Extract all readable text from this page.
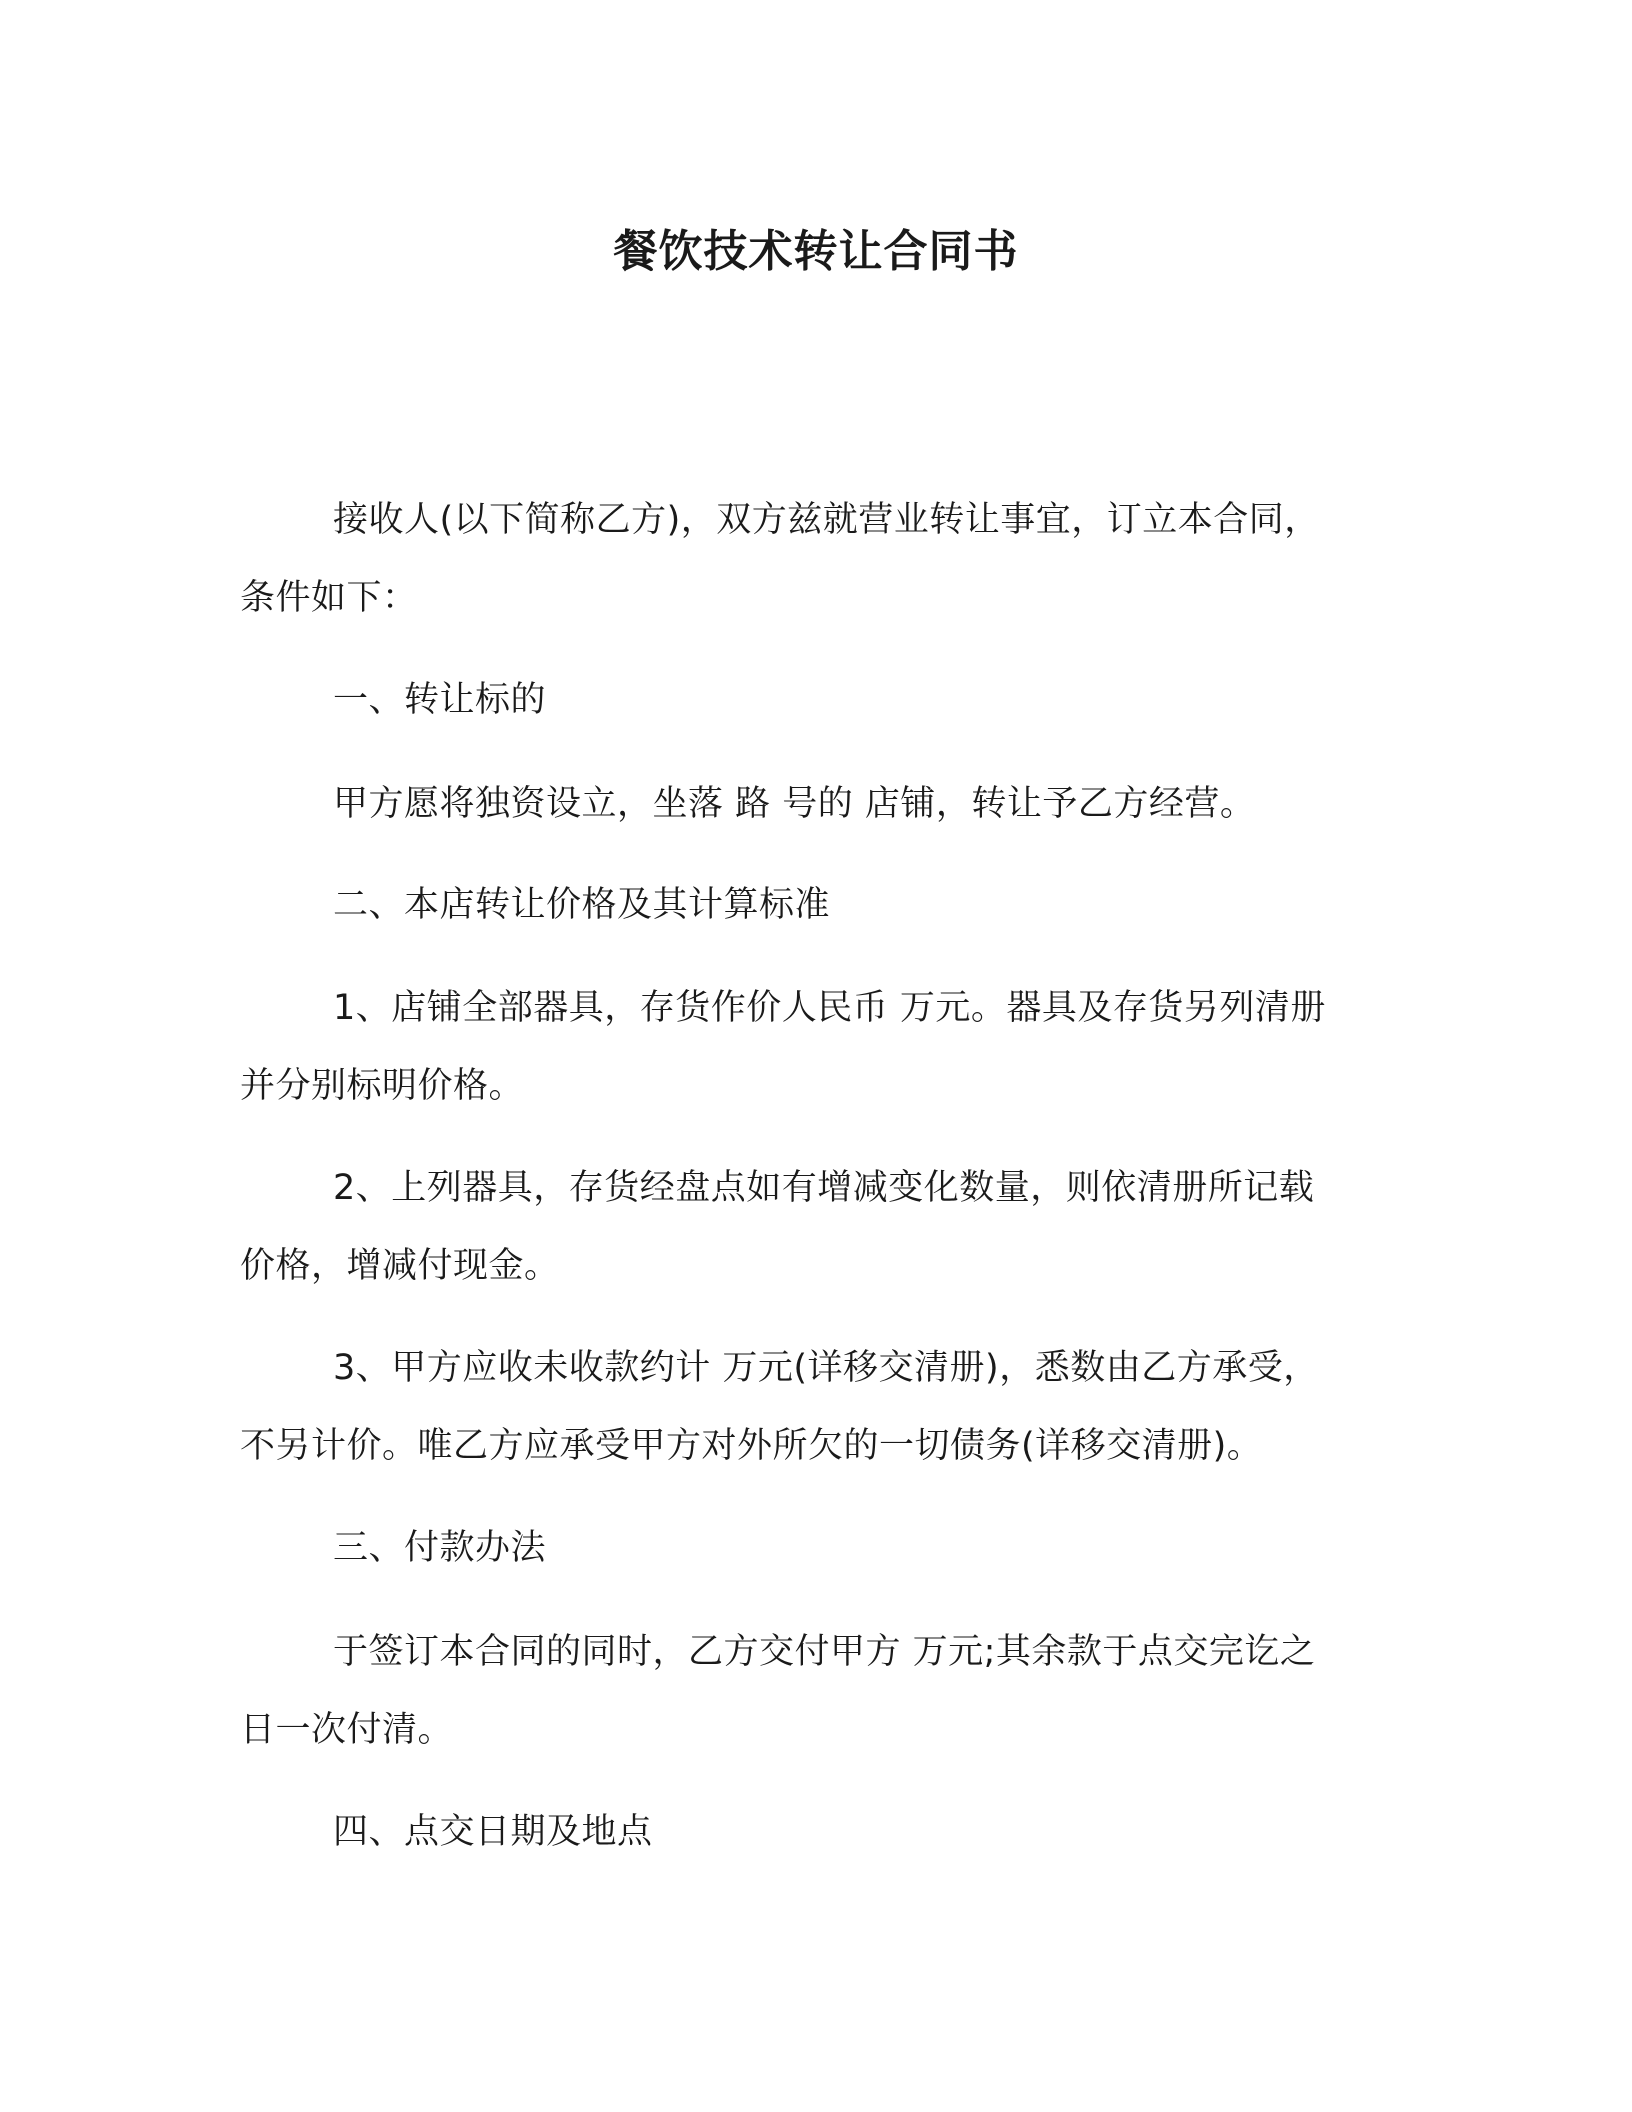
餐饮技术转让合同书
接收人(以下简称乙方)，双方兹就营业转让事宜，订立本合同，
条件如下：
一、转让标的
甲方愿将独资设立，坐落 路 号的 店铺，转让予乙方经营。
二、本店转让价格及其计算标准
1、店铺全部器具，存货作价人民币 万元。器具及存货另列清册
并分别标明价格。
2、上列器具，存货经盘点如有增减变化数量，则依清册所记载
价格，增减付现金。
3、甲方应收未收款约计 万元(详移交清册)，悉数由乙方承受，
不另计价。唯乙方应承受甲方对外所欠的一切债务(详移交清册)。
三、付款办法
于签订本合同的同时，乙方交付甲方 万元;其余款于点交完讫之
日一次付清。
四、点交日期及地点
